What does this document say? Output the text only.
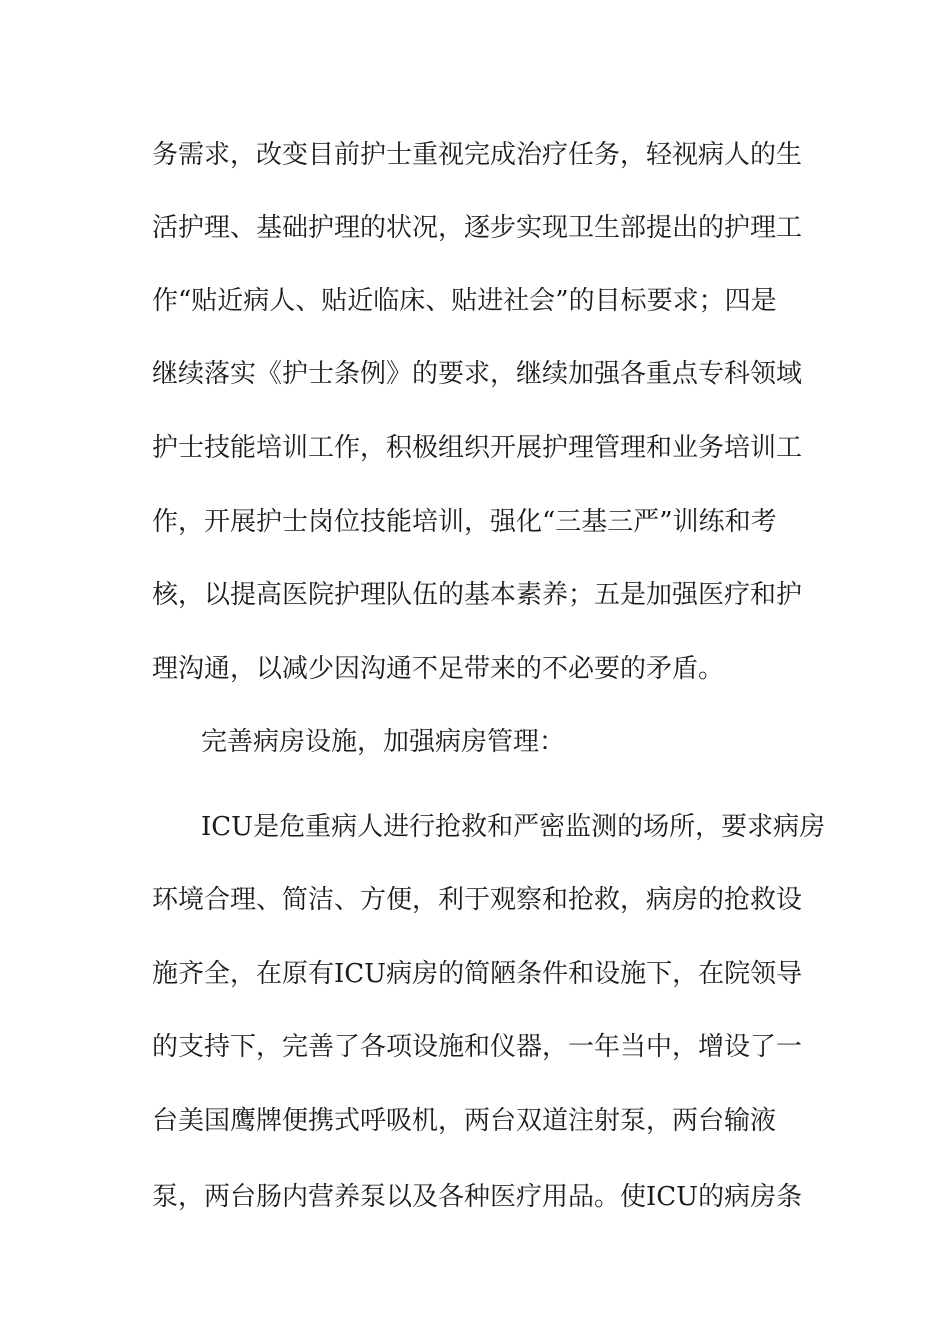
务需求，改变目前护士重视完成治疗任务，轻视病人的生

活护理、基础护理的状况，逐步实现卫生部提出的护理工

作“贴近病人、贴近临床、贴进社会”的目标要求；四是

继续落实《护士条例》的要求，继续加强各重点专科领域

护士技能培训工作，积极组织开展护理管理和业务培训工

作，开展护士岗位技能培训，强化“三基三严”训练和考

核，以提高医院护理队伍的基本素养；五是加强医疗和护

理沟通，以减少因沟通不足带来的不必要的矛盾。

完善病房设施，加强病房管理：

ICU是危重病人进行抢救和严密监测的场所，要求病房

环境合理、简洁、方便，利于观察和抢救，病房的抢救设

施齐全，在原有ICU病房的简陋条件和设施下，在院领导

的支持下，完善了各项设施和仪器，一年当中，增设了一

台美国鹰牌便携式呼吸机，两台双道注射泵，两台输液

泵，两台肠内营养泵以及各种医疗用品。使ICU的病房条
